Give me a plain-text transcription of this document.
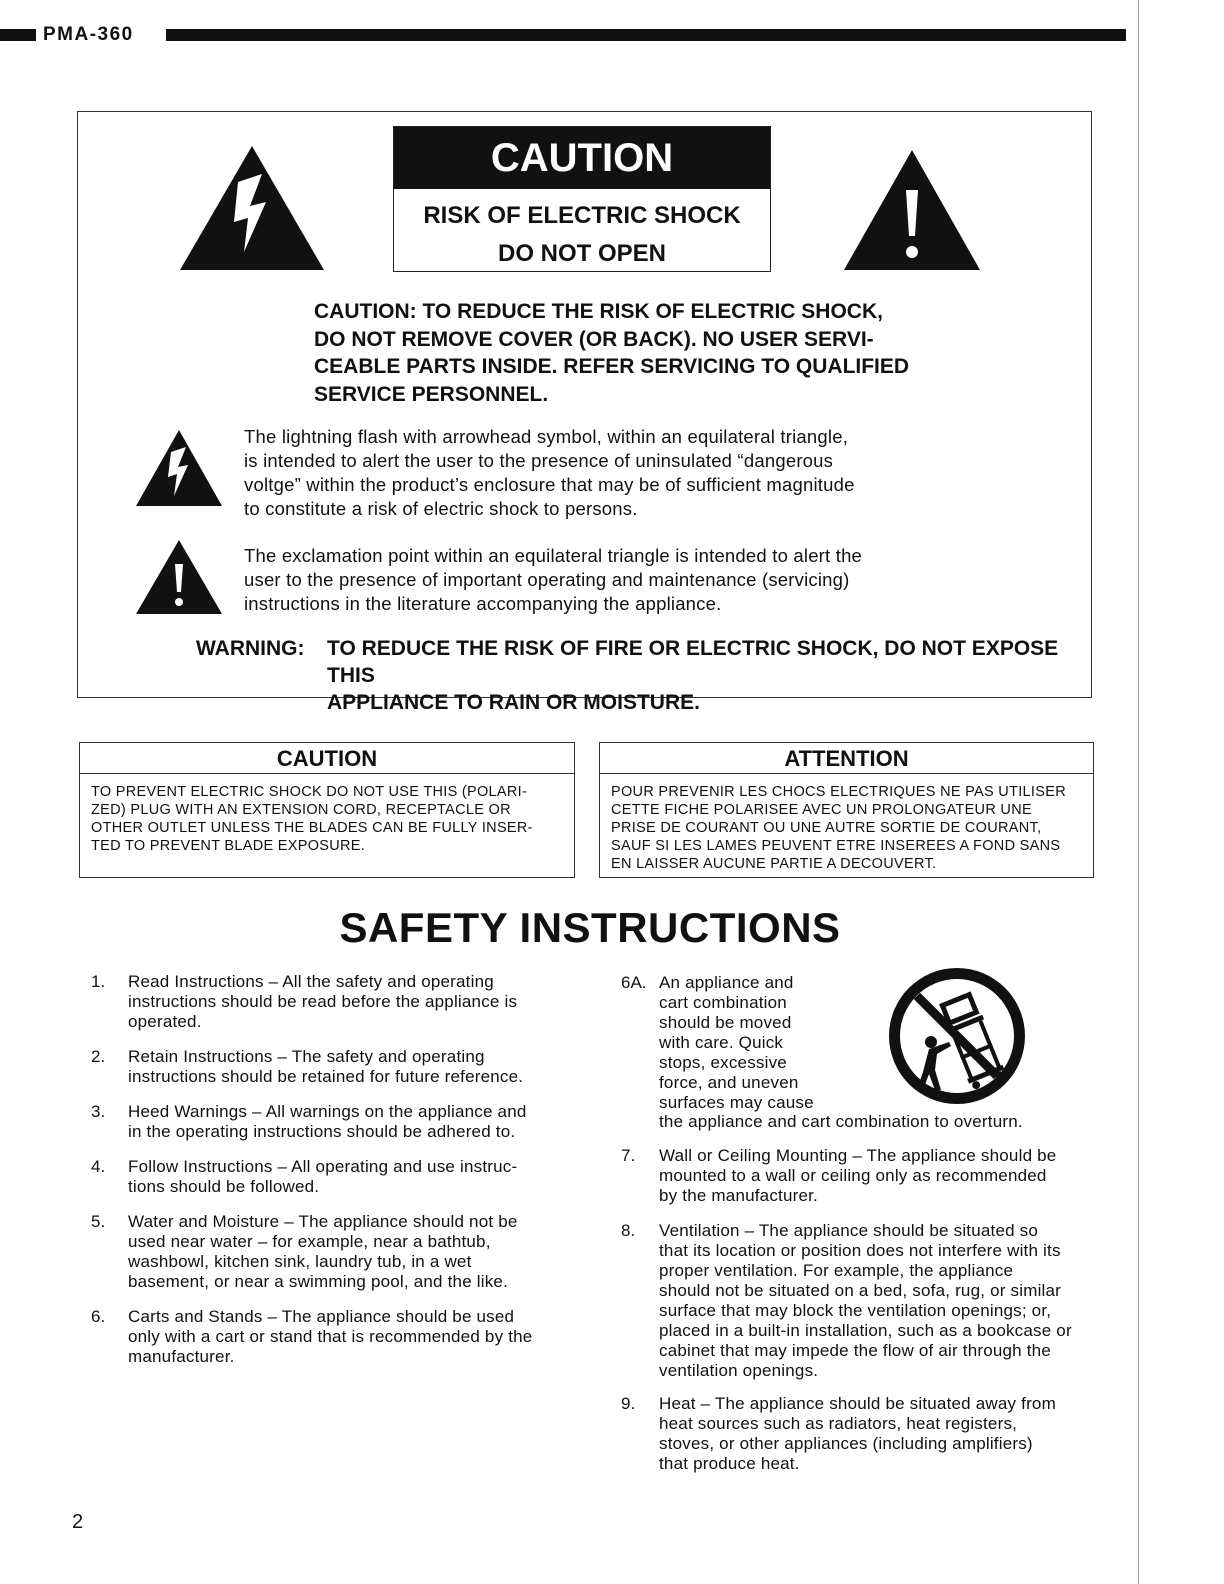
PMA-360
CAUTION
RISK OF ELECTRIC SHOCK
DO NOT OPEN
CAUTION: TO REDUCE THE RISK OF ELECTRIC SHOCK,
DO NOT REMOVE COVER (OR BACK). NO USER SERVI-
CEABLE PARTS INSIDE. REFER SERVICING TO QUALIFIED
SERVICE PERSONNEL.
The lightning flash with arrowhead symbol, within an equilateral triangle,
is intended to alert the user to the presence of uninsulated “dangerous
voltge” within the product’s enclosure that may be of sufficient magnitude
to constitute a risk of electric shock to persons.
The exclamation point within an equilateral triangle is intended to alert the
user to the presence of important operating and maintenance (servicing)
instructions in the literature accompanying the appliance.
WARNING: TO REDUCE THE RISK OF FIRE OR ELECTRIC SHOCK, DO NOT EXPOSE THIS
APPLIANCE TO RAIN OR MOISTURE.
CAUTION
TO PREVENT ELECTRIC SHOCK DO NOT USE THIS (POLARI-
ZED) PLUG WITH AN EXTENSION CORD, RECEPTACLE OR
OTHER OUTLET UNLESS THE BLADES CAN BE FULLY INSER-
TED TO PREVENT BLADE EXPOSURE.
ATTENTION
POUR PREVENIR LES CHOCS ELECTRIQUES NE PAS UTILISER
CETTE FICHE POLARISEE AVEC UN PROLONGATEUR UNE
PRISE DE COURANT OU UNE AUTRE SORTIE DE COURANT,
SAUF SI LES LAMES PEUVENT ETRE INSEREES A FOND SANS
EN LAISSER AUCUNE PARTIE A DECOUVERT.
SAFETY INSTRUCTIONS
1. Read Instructions – All the safety and operating
instructions should be read before the appliance is
operated.
2. Retain Instructions – The safety and operating
instructions should be retained for future reference.
3. Heed Warnings – All warnings on the appliance and
in the operating instructions should be adhered to.
4. Follow Instructions – All operating and use instruc-
tions should be followed.
5. Water and Moisture – The appliance should not be
used near water – for example, near a bathtub,
washbowl, kitchen sink, laundry tub, in a wet
basement, or near a swimming pool, and the like.
6. Carts and Stands – The appliance should be used
only with a cart or stand that is recommended by the
manufacturer.
6A. An appliance and
cart combination
should be moved
with care. Quick
stops, excessive
force, and uneven
surfaces may cause
the appliance and cart combination to overturn.
7. Wall or Ceiling Mounting – The appliance should be
mounted to a wall or ceiling only as recommended
by the manufacturer.
8. Ventilation – The appliance should be situated so
that its location or position does not interfere with its
proper ventilation. For example, the appliance
should not be situated on a bed, sofa, rug, or similar
surface that may block the ventilation openings; or,
placed in a built-in installation, such as a bookcase or
cabinet that may impede the flow of air through the
ventilation openings.
9. Heat – The appliance should be situated away from
heat sources such as radiators, heat registers,
stoves, or other appliances (including amplifiers)
that produce heat.
2
